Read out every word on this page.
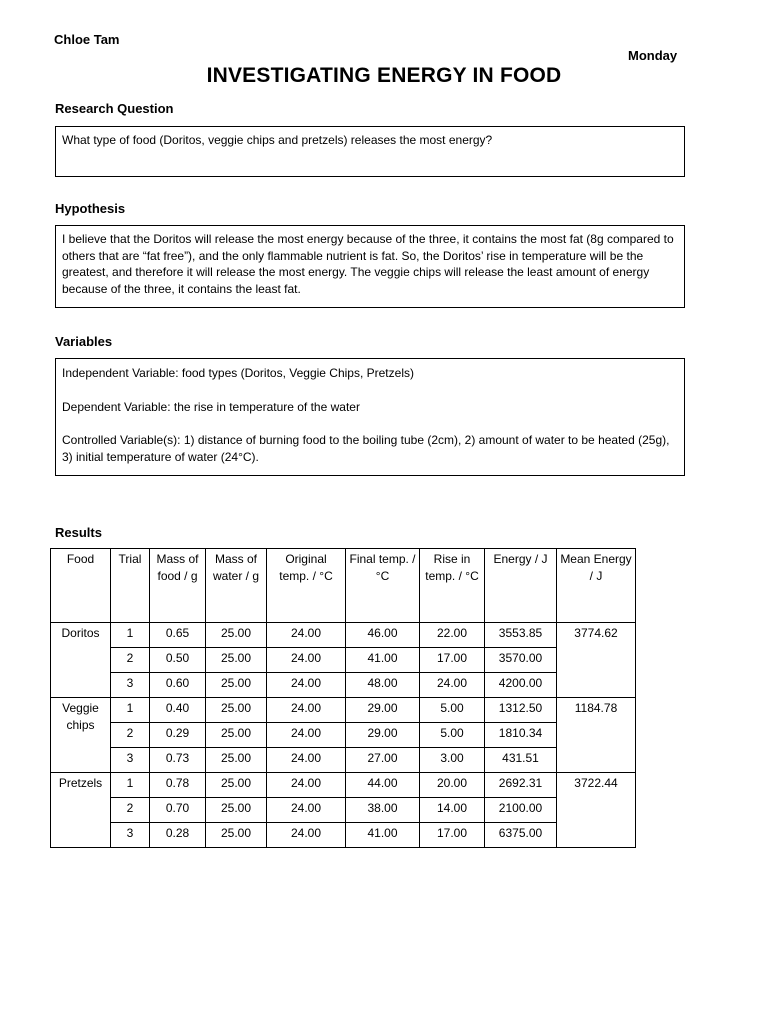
Chloe Tam
Monday
INVESTIGATING ENERGY IN FOOD
Research Question

What type of food (Doritos, veggie chips and pretzels) releases the most energy?

Hypothesis

I believe that the Doritos will release the most energy because of the three, it contains the most fat (8g compared to others that are “fat free”), and the only flammable nutrient is fat. So, the Doritos’ rise in temperature will be the greatest, and therefore it will release the most energy. The veggie chips will release the least amount of energy because of the three, it contains the least fat.

Variables

Independent Variable: food types (Doritos, Veggie Chips, Pretzels)

Dependent Variable: the rise in temperature of the water

Controlled Variable(s): 1) distance of burning food to the boiling tube (2cm), 2) amount of water to be heated (25g), 3) initial temperature of water (24°C).

Results
Food	Trial	Mass of food / g	Mass of water / g	Original temp. / °C	Final temp. / °C	Rise in temp. / °C	Energy / J	Mean Energy / J
Doritos	1	0.65	25.00	24.00	46.00	22.00	3553.85	3774.62
	2	0.50	25.00	24.00	41.00	17.00	3570.00	
	3	0.60	25.00	24.00	48.00	24.00	4200.00	
Veggie chips	1	0.40	25.00	24.00	29.00	5.00	1312.50	1184.78
	2	0.29	25.00	24.00	29.00	5.00	1810.34	
	3	0.73	25.00	24.00	27.00	3.00	431.51	
Pretzels	1	0.78	25.00	24.00	44.00	20.00	2692.31	3722.44
	2	0.70	25.00	24.00	38.00	14.00	2100.00	
	3	0.28	25.00	24.00	41.00	17.00	6375.00	
